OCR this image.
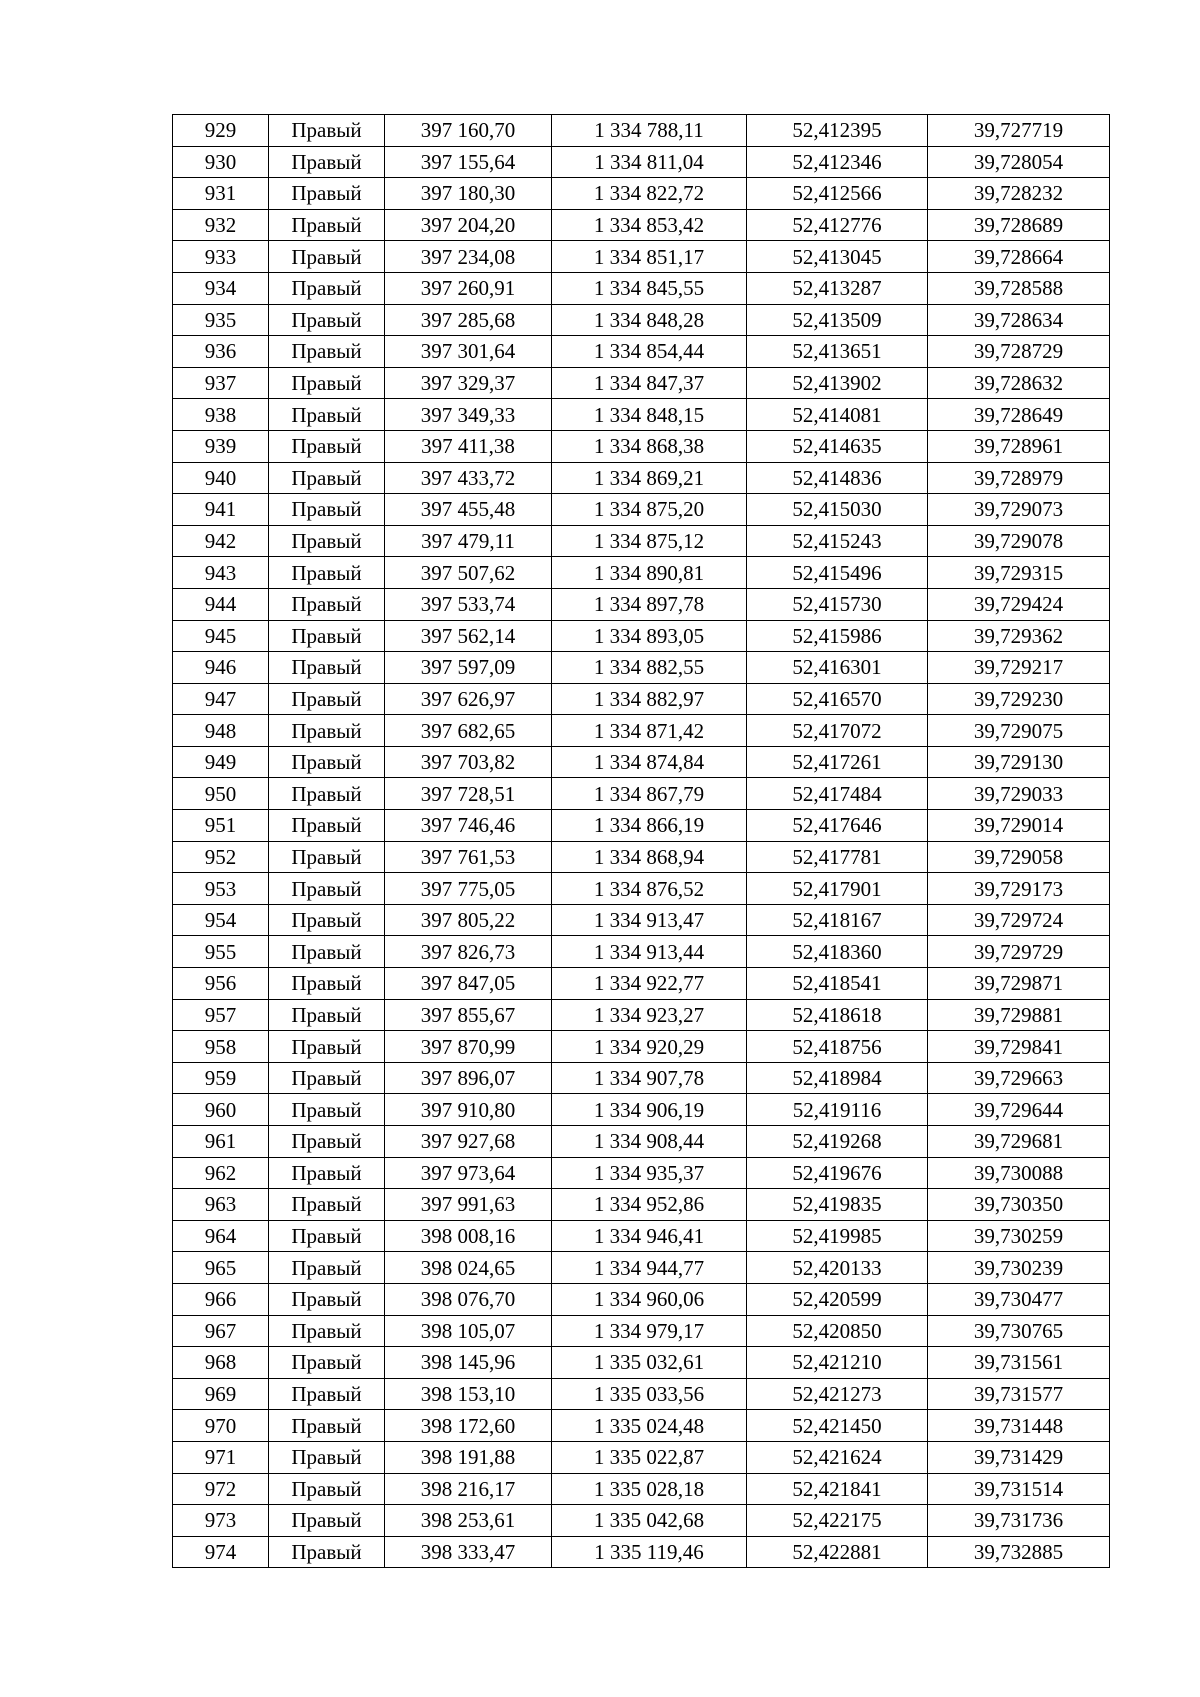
929	Правый	397 160,70	1 334 788,11	52,412395	39,727719
930	Правый	397 155,64	1 334 811,04	52,412346	39,728054
931	Правый	397 180,30	1 334 822,72	52,412566	39,728232
932	Правый	397 204,20	1 334 853,42	52,412776	39,728689
933	Правый	397 234,08	1 334 851,17	52,413045	39,728664
934	Правый	397 260,91	1 334 845,55	52,413287	39,728588
935	Правый	397 285,68	1 334 848,28	52,413509	39,728634
936	Правый	397 301,64	1 334 854,44	52,413651	39,728729
937	Правый	397 329,37	1 334 847,37	52,413902	39,728632
938	Правый	397 349,33	1 334 848,15	52,414081	39,728649
939	Правый	397 411,38	1 334 868,38	52,414635	39,728961
940	Правый	397 433,72	1 334 869,21	52,414836	39,728979
941	Правый	397 455,48	1 334 875,20	52,415030	39,729073
942	Правый	397 479,11	1 334 875,12	52,415243	39,729078
943	Правый	397 507,62	1 334 890,81	52,415496	39,729315
944	Правый	397 533,74	1 334 897,78	52,415730	39,729424
945	Правый	397 562,14	1 334 893,05	52,415986	39,729362
946	Правый	397 597,09	1 334 882,55	52,416301	39,729217
947	Правый	397 626,97	1 334 882,97	52,416570	39,729230
948	Правый	397 682,65	1 334 871,42	52,417072	39,729075
949	Правый	397 703,82	1 334 874,84	52,417261	39,729130
950	Правый	397 728,51	1 334 867,79	52,417484	39,729033
951	Правый	397 746,46	1 334 866,19	52,417646	39,729014
952	Правый	397 761,53	1 334 868,94	52,417781	39,729058
953	Правый	397 775,05	1 334 876,52	52,417901	39,729173
954	Правый	397 805,22	1 334 913,47	52,418167	39,729724
955	Правый	397 826,73	1 334 913,44	52,418360	39,729729
956	Правый	397 847,05	1 334 922,77	52,418541	39,729871
957	Правый	397 855,67	1 334 923,27	52,418618	39,729881
958	Правый	397 870,99	1 334 920,29	52,418756	39,729841
959	Правый	397 896,07	1 334 907,78	52,418984	39,729663
960	Правый	397 910,80	1 334 906,19	52,419116	39,729644
961	Правый	397 927,68	1 334 908,44	52,419268	39,729681
962	Правый	397 973,64	1 334 935,37	52,419676	39,730088
963	Правый	397 991,63	1 334 952,86	52,419835	39,730350
964	Правый	398 008,16	1 334 946,41	52,419985	39,730259
965	Правый	398 024,65	1 334 944,77	52,420133	39,730239
966	Правый	398 076,70	1 334 960,06	52,420599	39,730477
967	Правый	398 105,07	1 334 979,17	52,420850	39,730765
968	Правый	398 145,96	1 335 032,61	52,421210	39,731561
969	Правый	398 153,10	1 335 033,56	52,421273	39,731577
970	Правый	398 172,60	1 335 024,48	52,421450	39,731448
971	Правый	398 191,88	1 335 022,87	52,421624	39,731429
972	Правый	398 216,17	1 335 028,18	52,421841	39,731514
973	Правый	398 253,61	1 335 042,68	52,422175	39,731736
974	Правый	398 333,47	1 335 119,46	52,422881	39,732885
